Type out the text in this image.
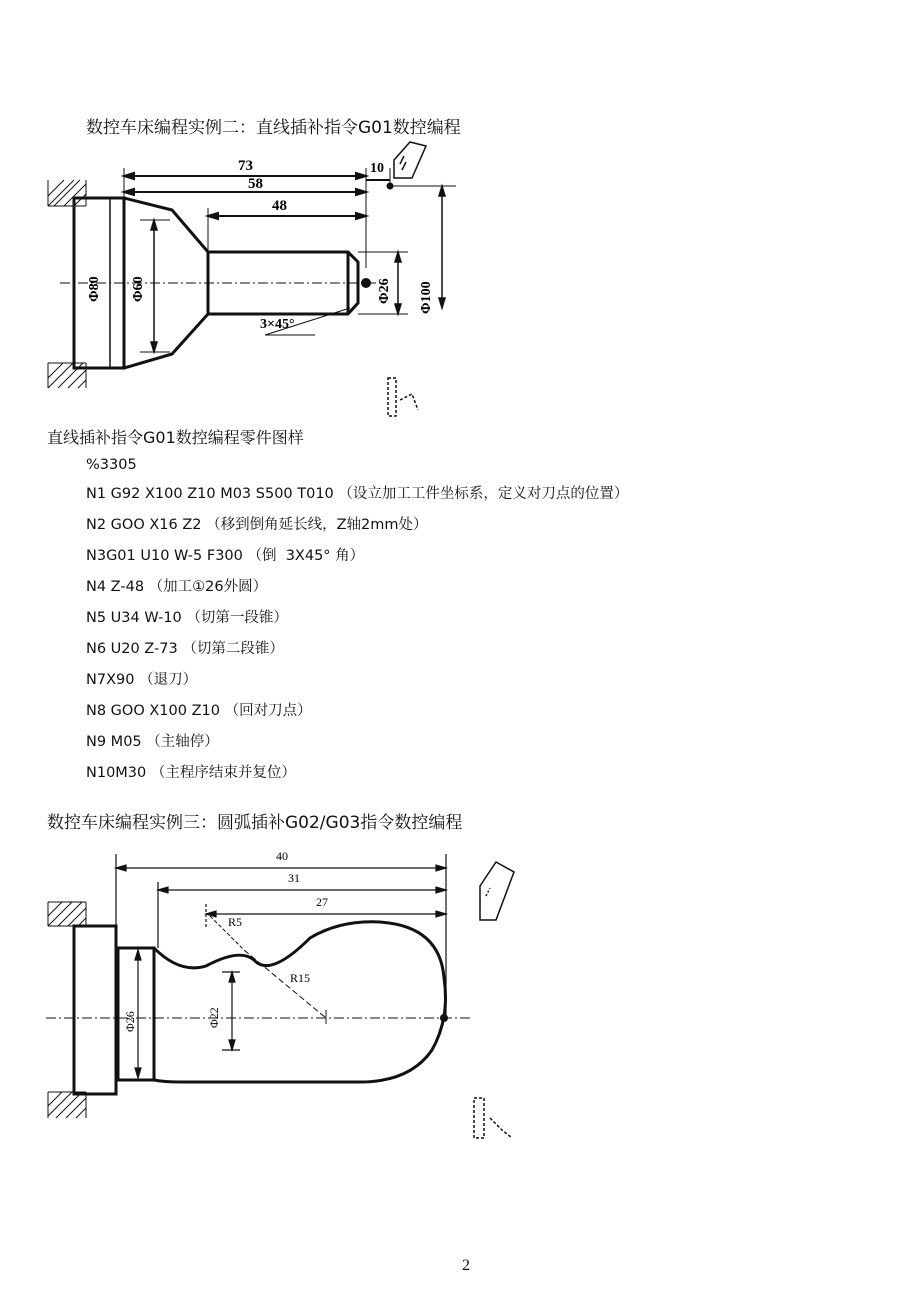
数控车床编程实例二：直线插补指令G01数控编程
73
58
48
10
Φ80 Φ60	Φ26 Φ100
3×45°
直线插补指令G01数控编程零件图样
%3305
N1 G92 X100 Z10 M03 S500 T010 （设立加工工件坐标系，定义对刀点的位置）
N2 GOO X16 Z2 （移到倒角延长线，Z轴2mm处）
N3G01 U10 W-5 F300 （倒  3X45° 角）
N4 Z-48 （加工①26外圆）
N5 U34 W-10 （切第一段锥）
N6 U20 Z-73 （切第二段锥）
N7X90 （退刀）
N8 GOO X100 Z10 （回对刀点）
N9 M05 （主轴停）
N10M30 （主程序结束并复位）
数控车床编程实例三：圆弧插补G02/G03指令数控编程
40
31
27
R5
R15
Φ26	Φ22
2
